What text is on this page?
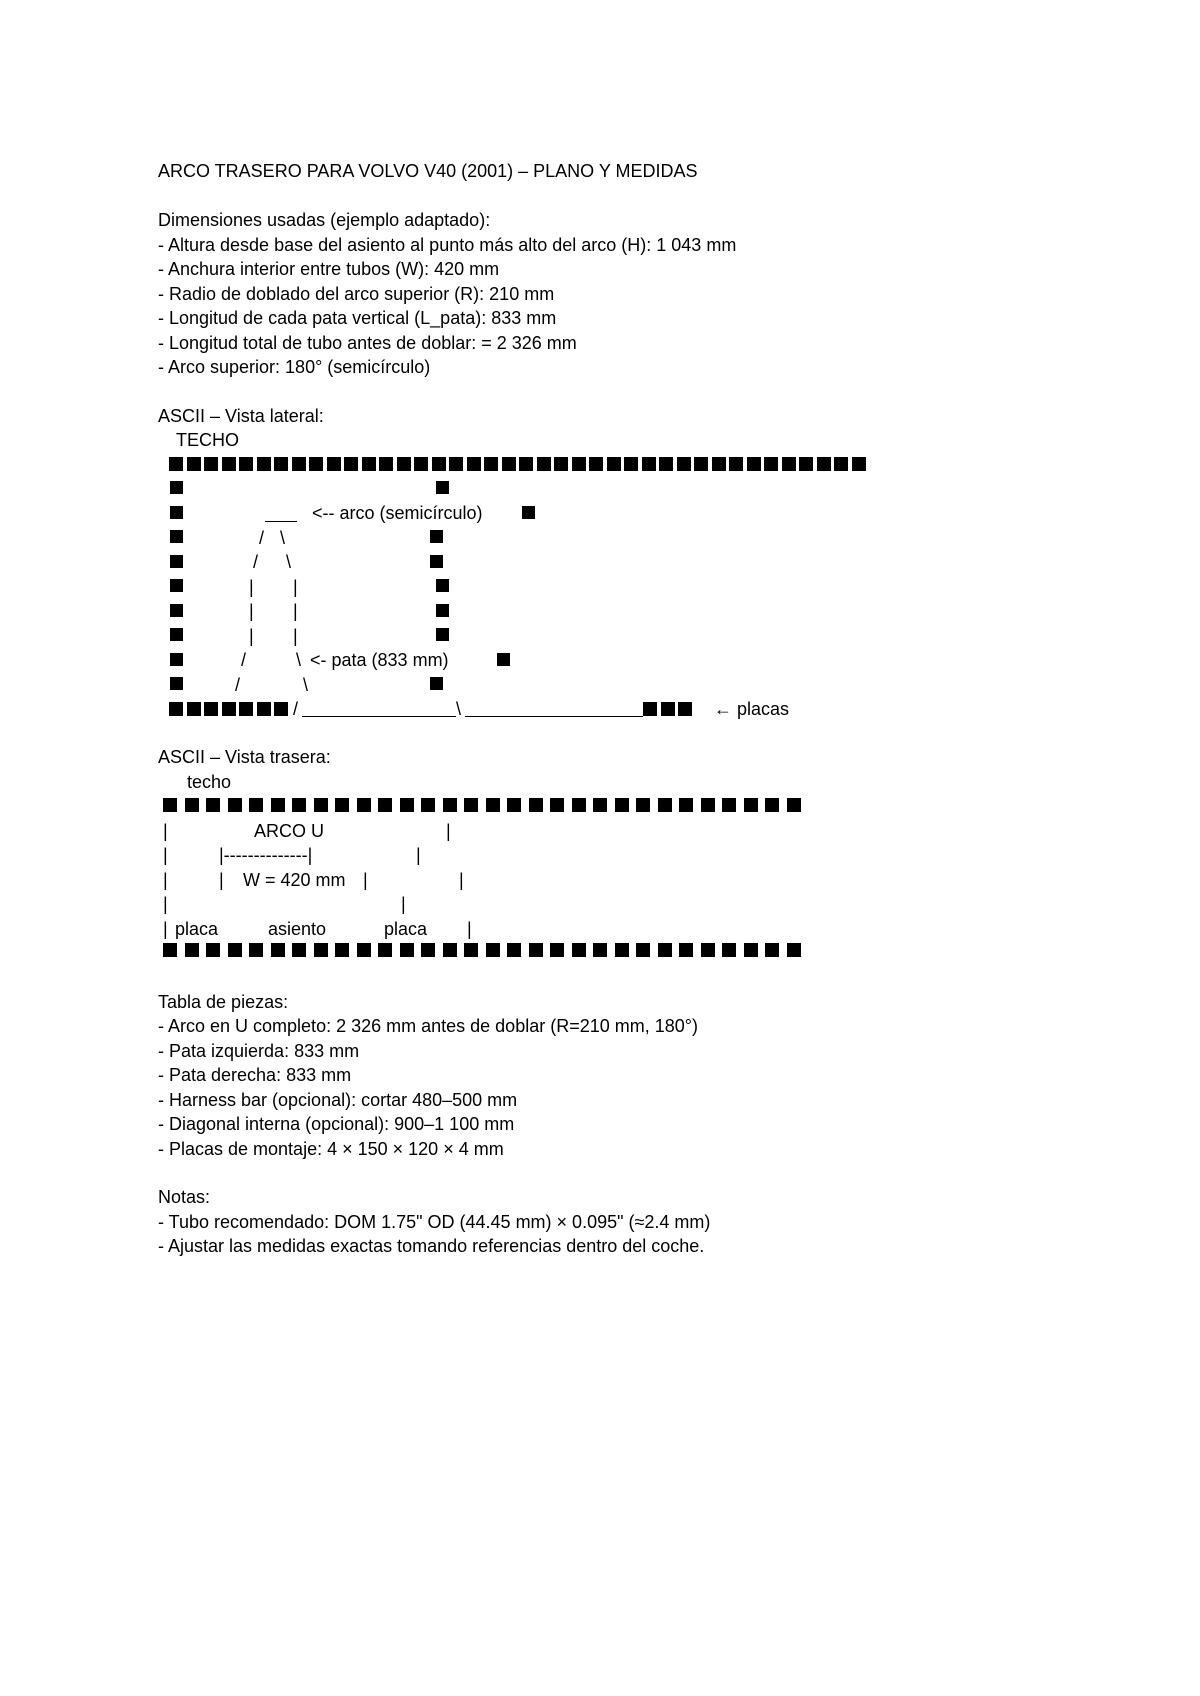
ARCO TRASERO PARA VOLVO V40 (2001) – PLANO Y MEDIDAS
Dimensiones usadas (ejemplo adaptado):
- Altura desde base del asiento al punto más alto del arco (H): 1 043 mm
- Anchura interior entre tubos (W): 420 mm
- Radio de doblado del arco superior (R): 210 mm
- Longitud de cada pata vertical (L_pata): 833 mm
- Longitud total de tubo antes de doblar: = 2 326 mm
- Arco superior: 180° (semicírculo)
ASCII – Vista lateral:
TECHO
<-- arco (semicírculo)
/ \
/ \
| |
| |
| |
/	\ <- pata (833 mm)
/	\
/	\	← placas
ASCII – Vista trasera:
techo
|	ARCO U	|
|	|--------------|	|
|	| W = 420 mm |	|
|	|
| placa	asiento	placa |
Tabla de piezas:
- Arco en U completo: 2 326 mm antes de doblar (R=210 mm, 180°)
- Pata izquierda: 833 mm
- Pata derecha: 833 mm
- Harness bar (opcional): cortar 480–500 mm
- Diagonal interna (opcional): 900–1 100 mm
- Placas de montaje: 4 × 150 × 120 × 4 mm
Notas:
- Tubo recomendado: DOM 1.75" OD (44.45 mm) × 0.095" (≈2.4 mm)
- Ajustar las medidas exactas tomando referencias dentro del coche.
